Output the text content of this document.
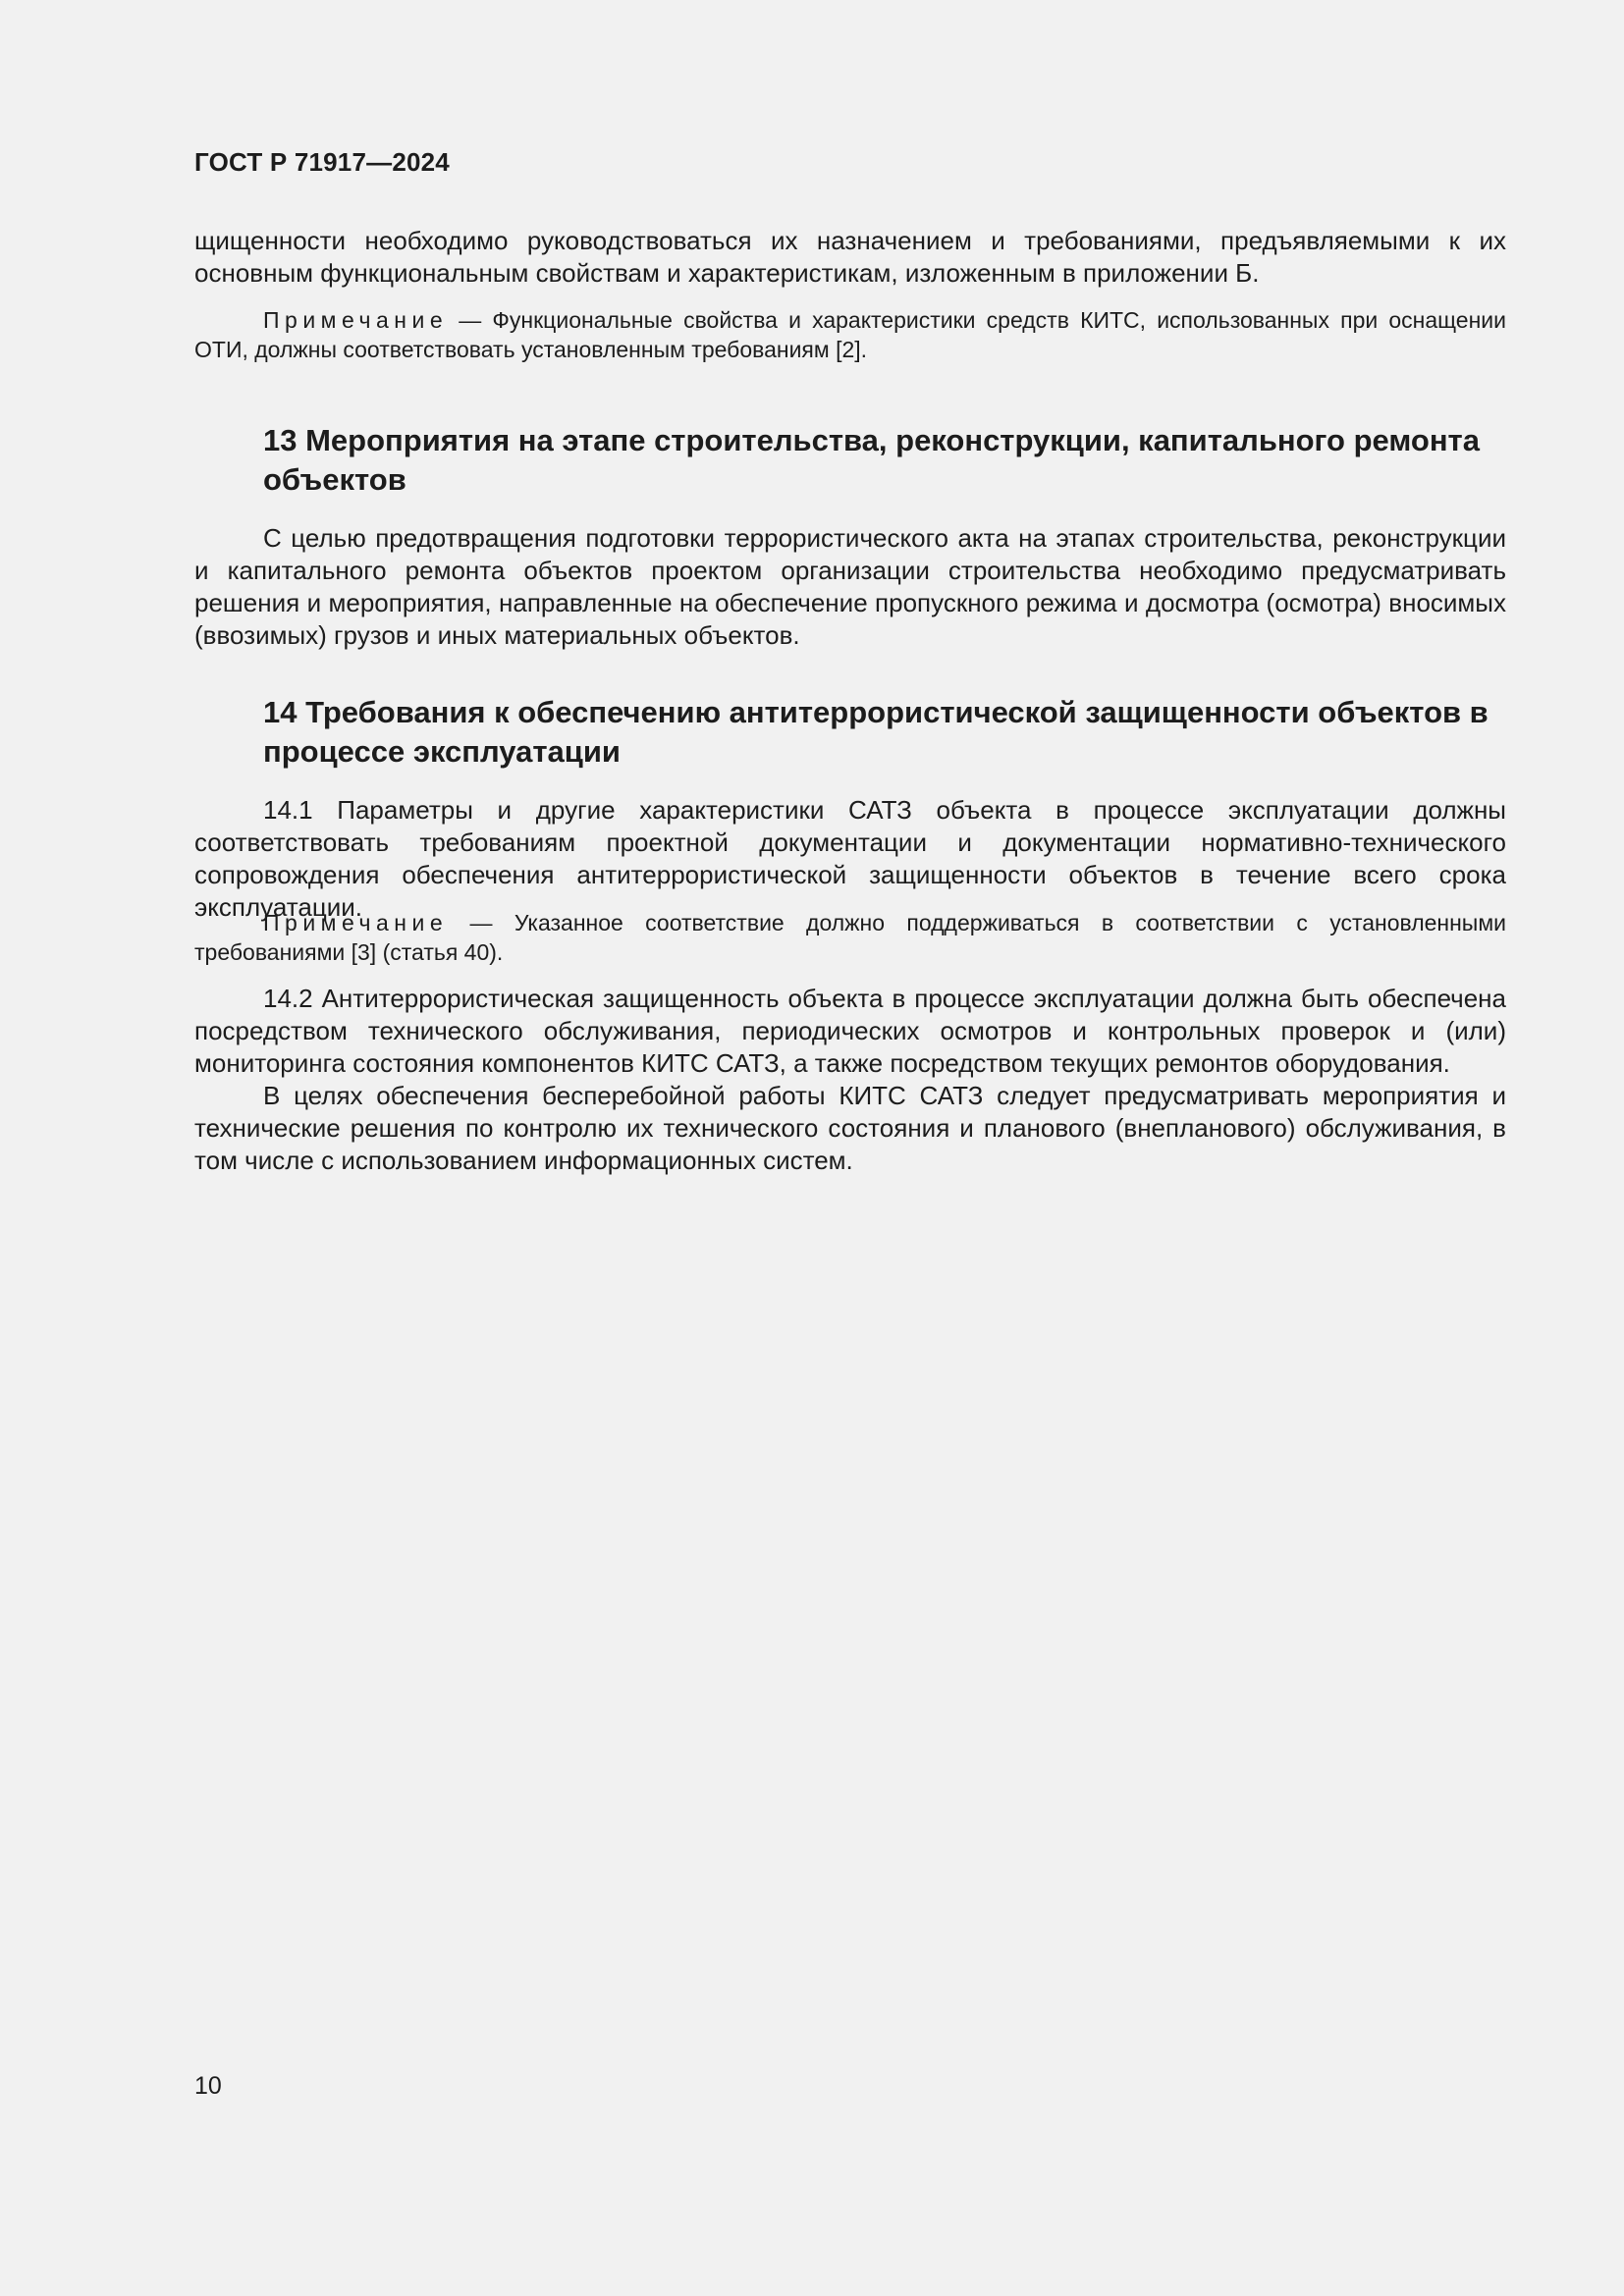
ГОСТ Р 71917—2024

щищенности необходимо руководствоваться их назначением и требованиями, предъявляемыми к их основным функциональным свойствам и характеристикам, изложенным в приложении Б.

Примечание — Функциональные свойства и характеристики средств КИТС, использованных при оснащении ОТИ, должны соответствовать установленным требованиям [2].

13 Мероприятия на этапе строительства, реконструкции, капитального ремонта объектов

С целью предотвращения подготовки террористического акта на этапах строительства, реконструкции и капитального ремонта объектов проектом организации строительства необходимо предусматривать решения и мероприятия, направленные на обеспечение пропускного режима и досмотра (осмотра) вносимых (ввозимых) грузов и иных материальных объектов.

14 Требования к обеспечению антитеррористической защищенности объектов в процессе эксплуатации

14.1 Параметры и другие характеристики САТЗ объекта в процессе эксплуатации должны соответствовать требованиям проектной документации и документации нормативно-технического сопровождения обеспечения антитеррористической защищенности объектов в течение всего срока эксплуатации.

Примечание — Указанное соответствие должно поддерживаться в соответствии с установленными требованиями [3] (статья 40).

14.2 Антитеррористическая защищенность объекта в процессе эксплуатации должна быть обеспечена посредством технического обслуживания, периодических осмотров и контрольных проверок и (или) мониторинга состояния компонентов КИТС САТЗ, а также посредством текущих ремонтов оборудования.

В целях обеспечения бесперебойной работы КИТС САТЗ следует предусматривать мероприятия и технические решения по контролю их технического состояния и планового (внепланового) обслуживания, в том числе с использованием информационных систем.

10
